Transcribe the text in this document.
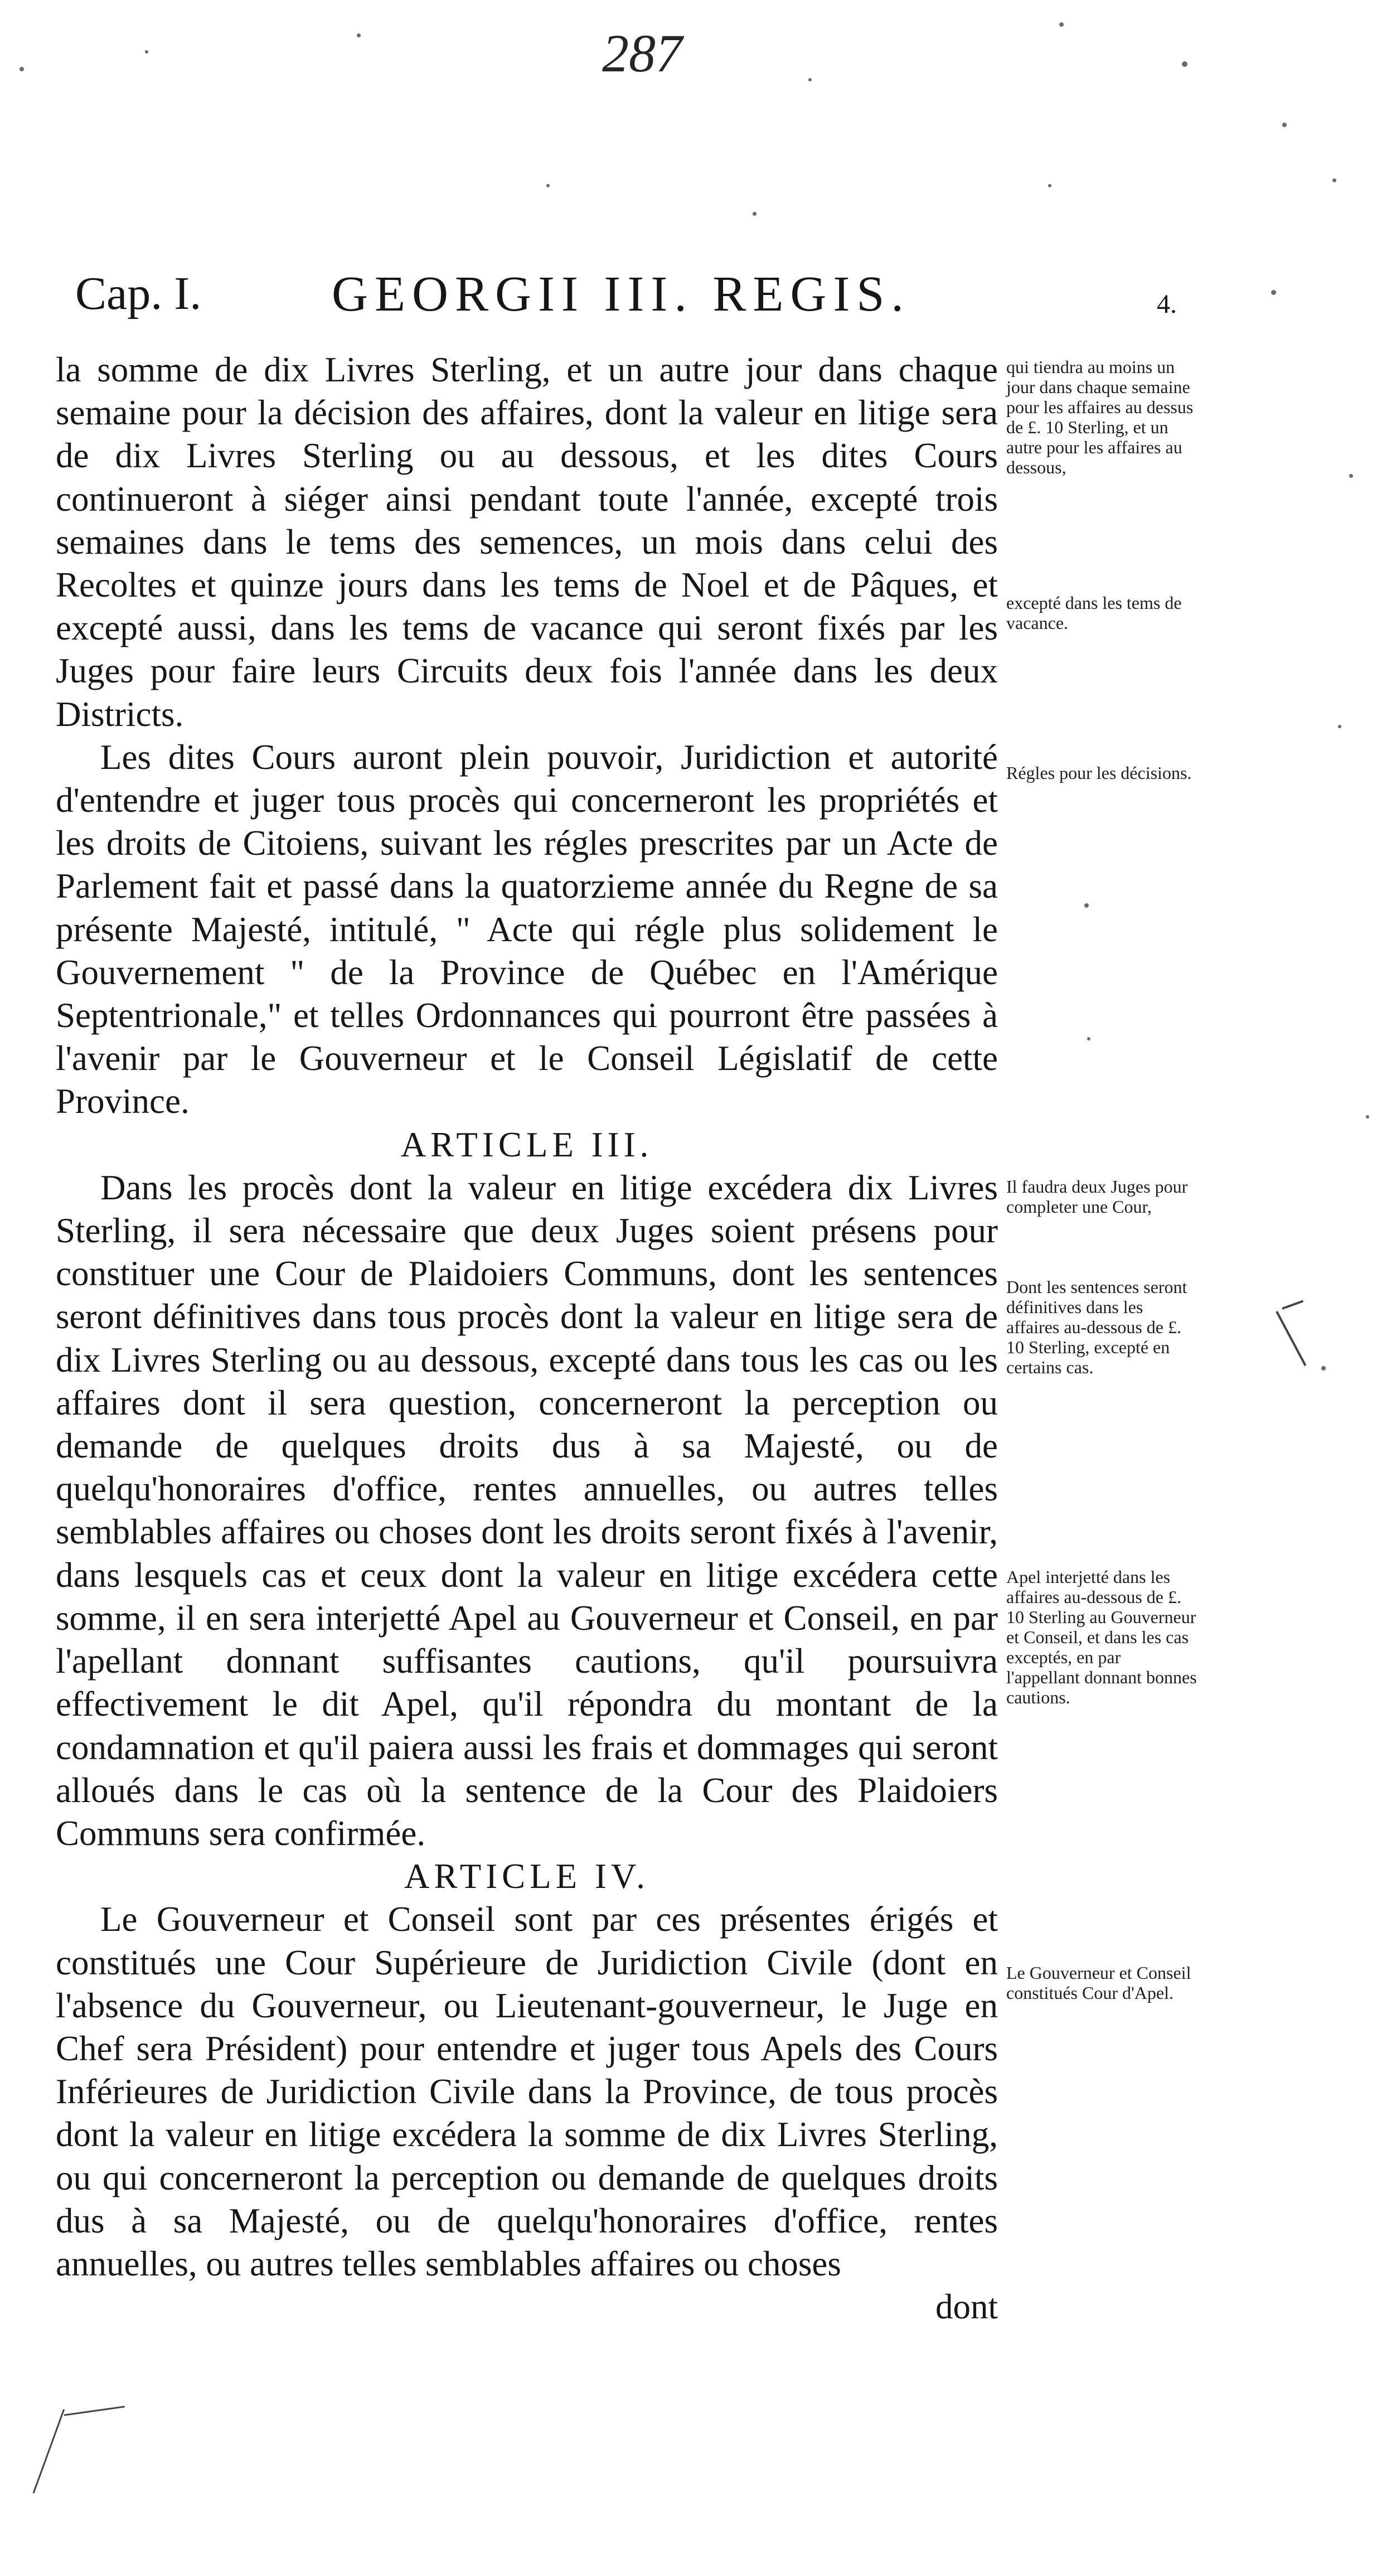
287
Cap. I.	GEORGII III. REGIS.	4.

la somme de dix Livres Sterling, et un autre jour dans chaque semaine pour la décision des affaires, dont la valeur en litige sera de dix Livres Sterling ou au dessous, et les dites Cours continueront à siéger ainsi pendant toute l'année, excepté trois semaines dans le tems des semences, un mois dans celui des Recoltes et quinze jours dans les tems de Noel et de Pâques, et excepté aussi, dans les tems de vacance qui seront fixés par les Juges pour faire leurs Circuits deux fois l'année dans les deux Districts.

Les dites Cours auront plein pouvoir, Juridiction et autorité d'entendre et juger tous procès qui concerneront les propriétés et les droits de Citoiens, suivant les régles prescrites par un Acte de Parlement fait et passé dans la quatorzieme année du Regne de sa présente Majesté, intitulé, " Acte qui régle plus solidement le Gouvernement " de la Province de Québec en l'Amérique Septentrionale," et telles Ordonnances qui pourront être passées à l'avenir par le Gouverneur et le Conseil Législatif de cette Province.

ARTICLE III.

Dans les procès dont la valeur en litige excédera dix Livres Sterling, il sera nécessaire que deux Juges soient présens pour constituer une Cour de Plaidoiers Communs, dont les sentences seront définitives dans tous procès dont la valeur en litige sera de dix Livres Sterling ou au dessous, excepté dans tous les cas ou les affaires dont il sera question, concerneront la perception ou demande de quelques droits dus à sa Majesté, ou de quelqu'honoraires d'office, rentes annuelles, ou autres telles semblables affaires ou choses dont les droits seront fixés à l'avenir, dans lesquels cas et ceux dont la valeur en litige excédera cette somme, il en sera interjetté Apel au Gouverneur et Conseil, en par l'apellant donnant suffisantes cautions, qu'il poursuivra effectivement le dit Apel, qu'il répondra du montant de la condamnation et qu'il paiera aussi les frais et dommages qui seront alloués dans le cas où la sentence de la Cour des Plaidoiers Communs sera confirmée.

ARTICLE IV.

Le Gouverneur et Conseil sont par ces présentes érigés et constitués une Cour Supérieure de Juridiction Civile (dont en l'absence du Gouverneur, ou Lieutenant-gouverneur, le Juge en Chef sera Président) pour entendre et juger tous Apels des Cours Inférieures de Juridiction Civile dans la Province, de tous procès dont la valeur en litige excédera la somme de dix Livres Sterling, ou qui concerneront la perception ou demande de quelques droits dus à sa Majesté, ou de quelqu'honoraires d'office, rentes annuelles, ou autres telles semblables affaires ou choses

dont

qui tiendra au moins un jour dans chaque semaine pour les affaires au dessus de £. 10 Sterling, et un autre pour les affaires au dessous,
excepté dans les tems de vacance.
Régles pour les décisions.
Il faudra deux Juges pour completer une Cour,
Dont les sentences seront définitives dans les affaires au-dessous de £. 10 Sterling, excepté en certains cas.
Apel interjetté dans les affaires au-dessous de £. 10 Sterling au Gouverneur et Conseil, et dans les cas exceptés, en par l'appellant donnant bonnes cautions.
Le Gouverneur et Conseil constitués Cour d'Apel.
